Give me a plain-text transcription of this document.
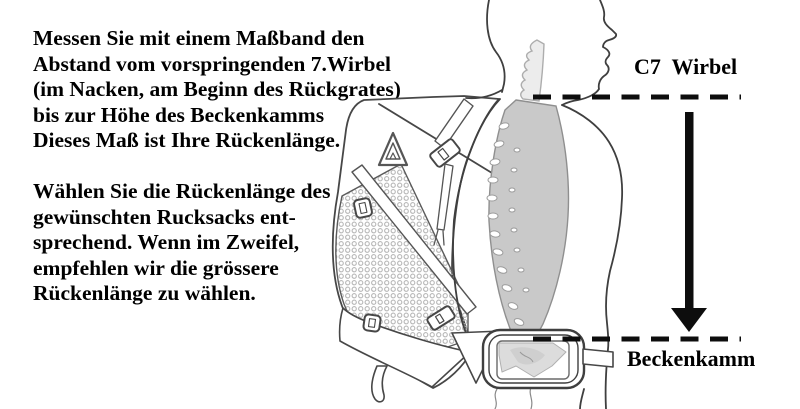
Messen Sie mit einem Maßband den
Abstand vom vorspringenden 7.Wirbel
(im Nacken, am Beginn des Rückgrates)
bis zur Höhe des Beckenkamms
Dieses Maß ist Ihre Rückenlänge.
Wählen Sie die Rückenlänge des
gewünschten Rucksacks ent-
sprechend. Wenn im Zweifel,
empfehlen wir die grössere
Rückenlänge zu wählen.
C7  Wirbel
Beckenkamm
